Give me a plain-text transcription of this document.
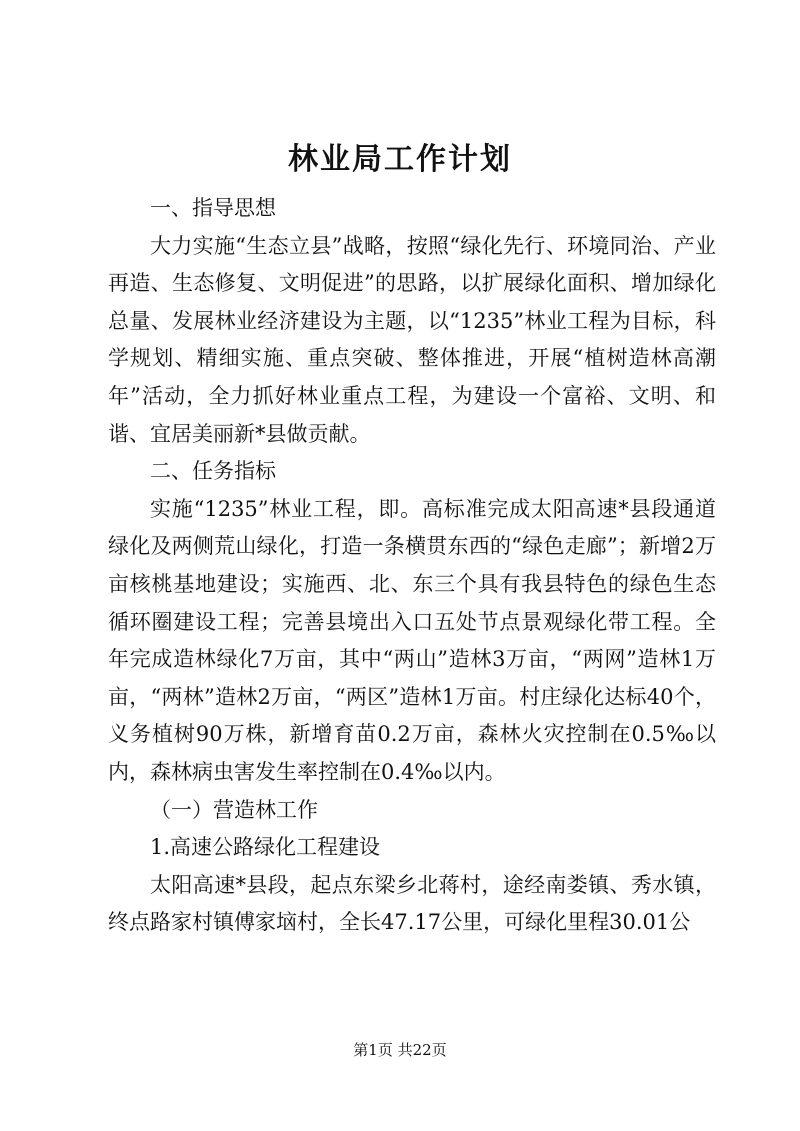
林业局工作计划

一、指导思想

大力实施“生态立县”战略，按照“绿化先行、环境同治、产业再造、生态修复、文明促进”的思路，以扩展绿化面积、增加绿化总量、发展林业经济建设为主题，以“1235”林业工程为目标，科学规划、精细实施、重点突破、整体推进，开展“植树造林高潮年”活动，全力抓好林业重点工程，为建设一个富裕、文明、和谐、宜居美丽新*县做贡献。

二、任务指标

实施“1235”林业工程，即。高标准完成太阳高速*县段通道绿化及两侧荒山绿化，打造一条横贯东西的“绿色走廊”；新增2万亩核桃基地建设；实施西、北、东三个具有我县特色的绿色生态循环圈建设工程；完善县境出入口五处节点景观绿化带工程。全年完成造林绿化7万亩，其中“两山”造林3万亩，“两网”造林1万亩，“两林”造林2万亩，“两区”造林1万亩。村庄绿化达标40个，义务植树90万株，新增育苗0.2万亩，森林火灾控制在0.5‰以内，森林病虫害发生率控制在0.4‰以内。

（一）营造林工作

1.高速公路绿化工程建设

太阳高速*县段，起点东梁乡北蒋村，途经南娄镇、秀水镇，终点路家村镇傅家垴村，全长47.17公里，可绿化里程30.01公

第1页 共22页
